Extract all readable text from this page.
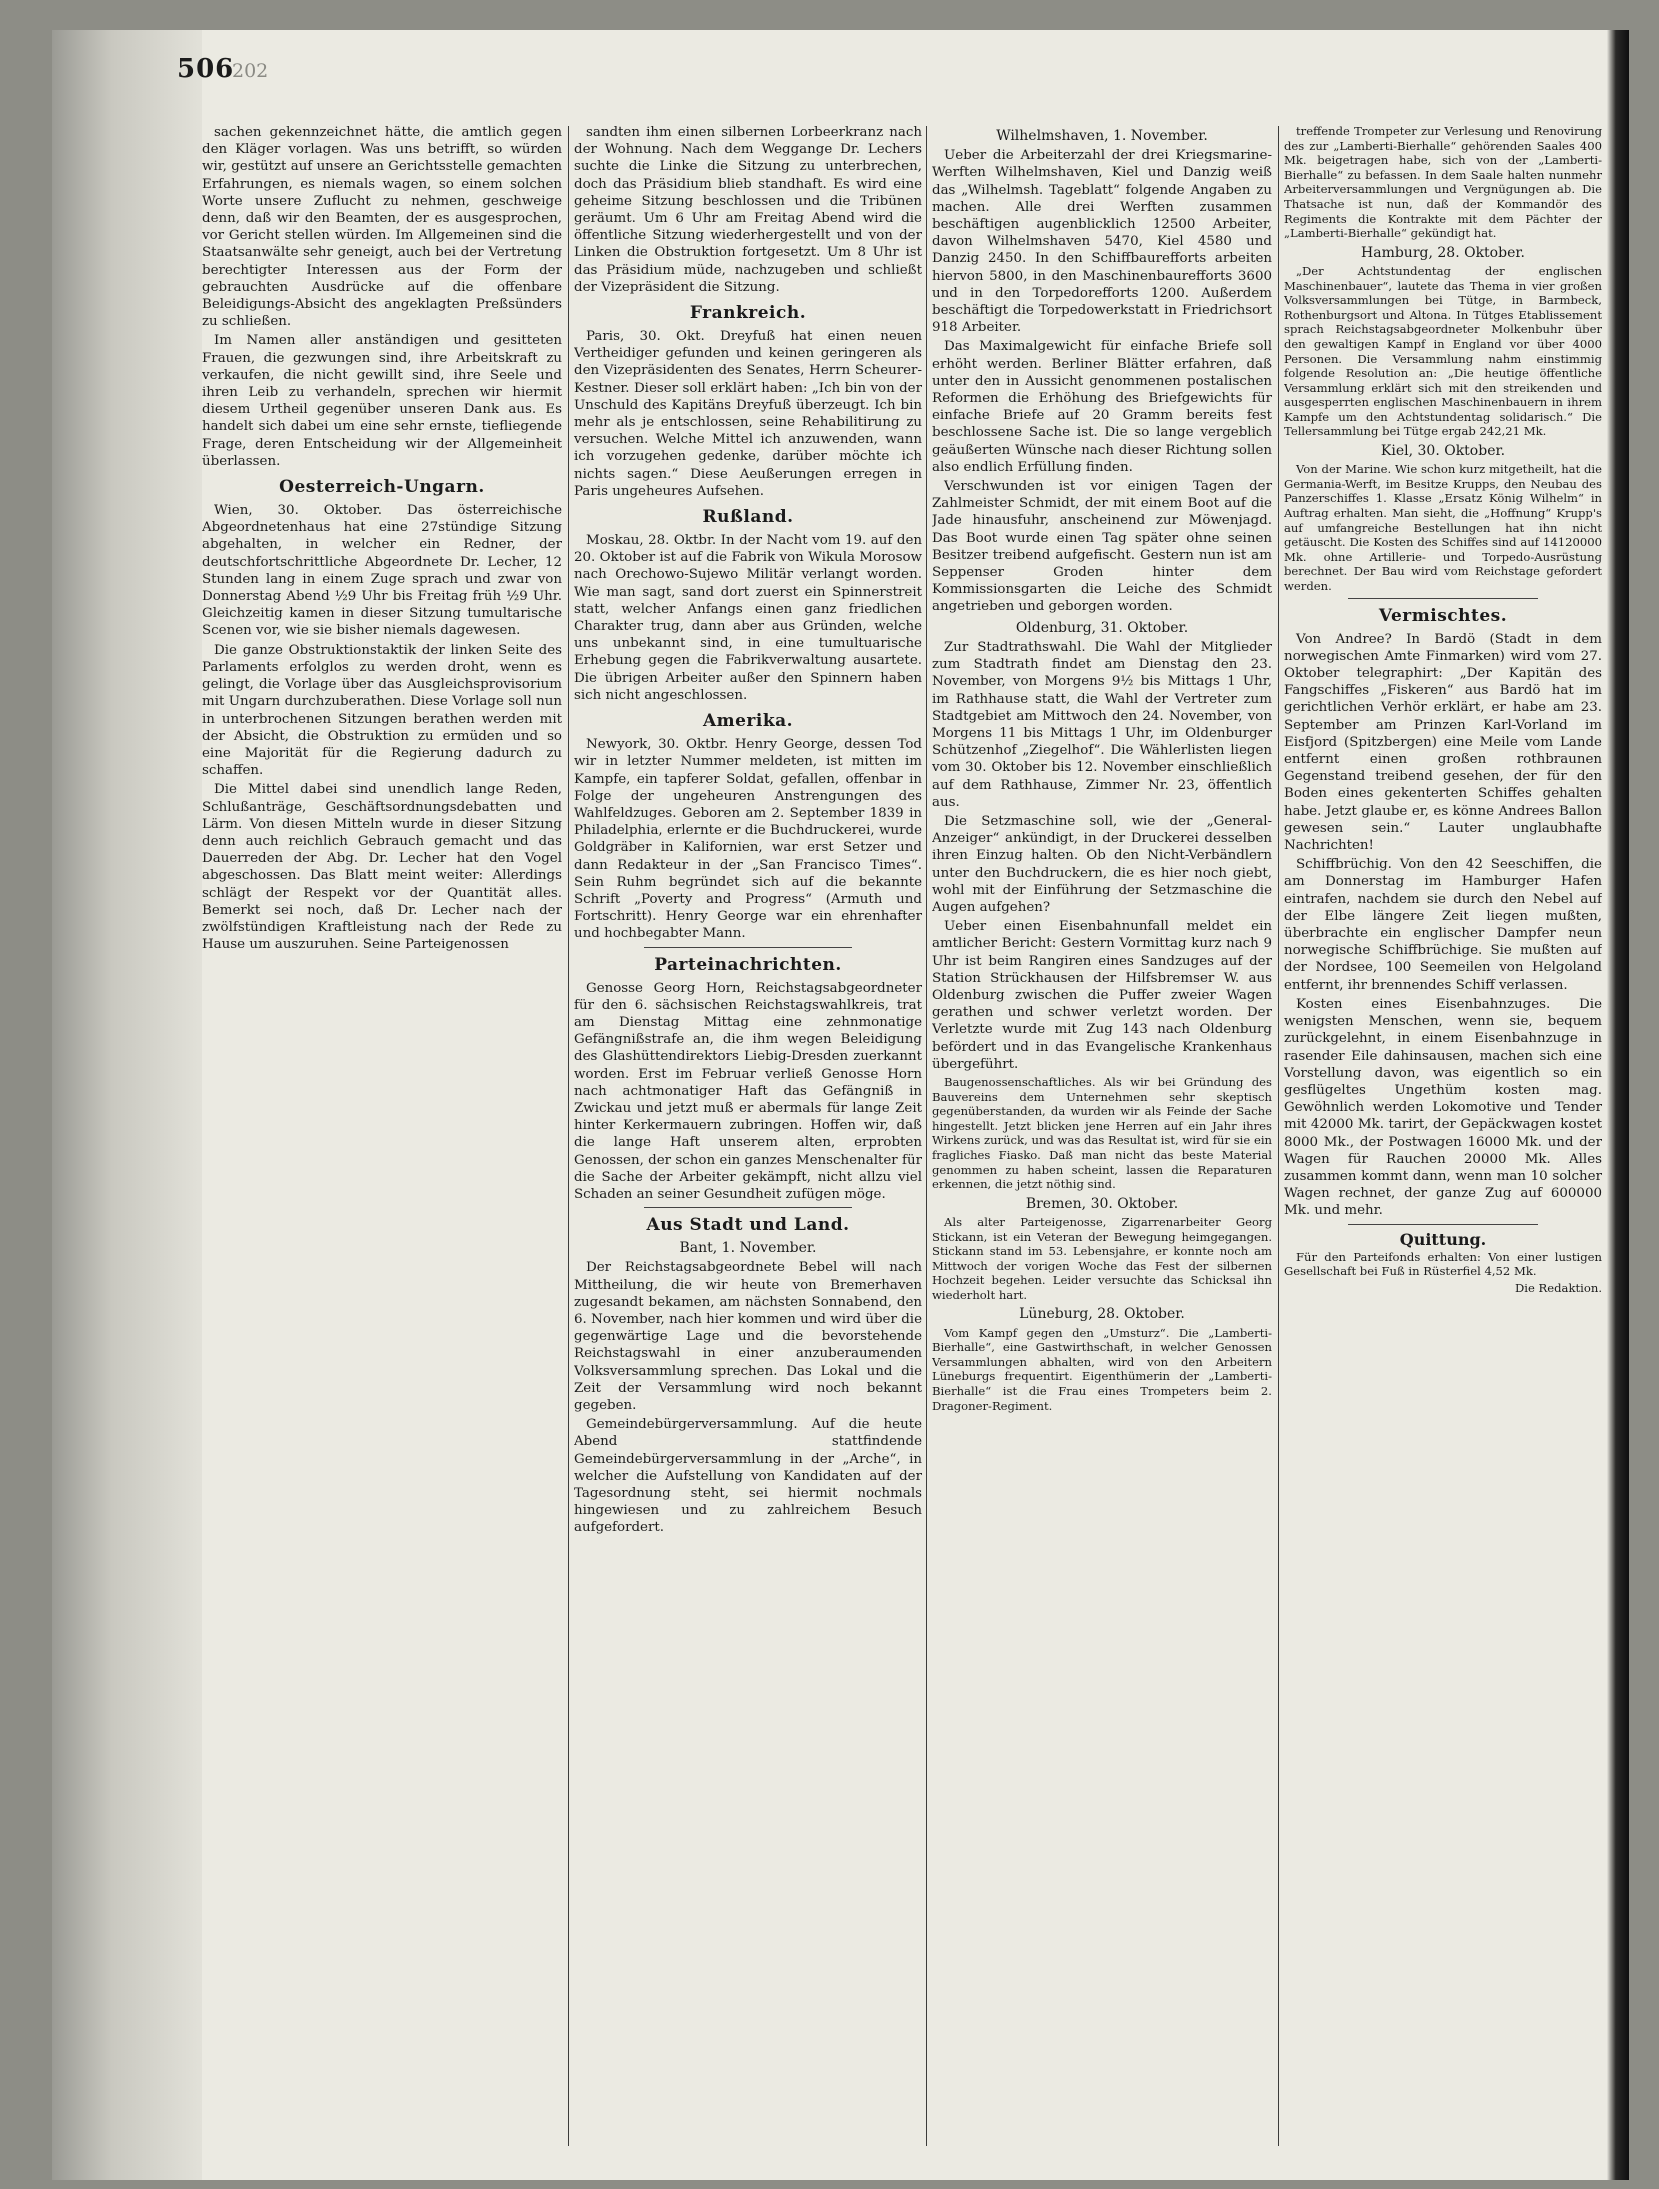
506
202

sachen gekennzeichnet hätte, die amtlich gegen den Kläger vorlagen. Was uns betrifft, so würden wir, gestützt auf unsere an Gerichtsstelle gemachten Erfahrungen, es niemals wagen, so einem solchen Worte unsere Zuflucht zu nehmen, geschweige denn, daß wir den Beamten, der es ausgesprochen, vor Gericht stellen würden. Im Allgemeinen sind die Staatsanwälte sehr geneigt, auch bei der Vertretung berechtigter Interessen aus der Form der gebrauchten Ausdrücke auf die offenbare Beleidigungs-Absicht des angeklagten Preßsünders zu schließen.

Im Namen aller anständigen und gesitteten Frauen, die gezwungen sind, ihre Arbeitskraft zu verkaufen, die nicht gewillt sind, ihre Seele und ihren Leib zu verhandeln, sprechen wir hiermit diesem Urtheil gegenüber unseren Dank aus. Es handelt sich dabei um eine sehr ernste, tiefliegende Frage, deren Entscheidung wir der Allgemeinheit überlassen.

Oesterreich-Ungarn.

Wien, 30. Oktober. Das österreichische Abgeordnetenhaus hat eine 27stündige Sitzung abgehalten, in welcher ein Redner, der deutschfortschrittliche Abgeordnete Dr. Lecher, 12 Stunden lang in einem Zuge sprach und zwar von Donnerstag Abend ½9 Uhr bis Freitag früh ½9 Uhr. Gleichzeitig kamen in dieser Sitzung tumultarische Scenen vor, wie sie bisher niemals dagewesen.

Die ganze Obstruktionstaktik der linken Seite des Parlaments erfolglos zu werden droht, wenn es gelingt, die Vorlage über das Ausgleichsprovisorium mit Ungarn durchzuberathen. Diese Vorlage soll nun in unterbrochenen Sitzungen berathen werden mit der Absicht, die Obstruktion zu ermüden und so eine Majorität für die Regierung dadurch zu schaffen.

Die Mittel dabei sind unendlich lange Reden, Schlußanträge, Geschäftsordnungsdebatten und Lärm. Von diesen Mitteln wurde in dieser Sitzung denn auch reichlich Gebrauch gemacht und das Dauerreden der Abg. Dr. Lecher hat den Vogel abgeschossen. Das Blatt meint weiter: Allerdings schlägt der Respekt vor der Quantität alles. Bemerkt sei noch, daß Dr. Lecher nach der zwölfstündigen Kraftleistung nach der Rede zu Hause um auszuruhen. Seine Parteigenossen

sandten ihm einen silbernen Lorbeerkranz nach der Wohnung. Nach dem Weggange Dr. Lechers suchte die Linke die Sitzung zu unterbrechen, doch das Präsidium blieb standhaft. Es wird eine geheime Sitzung beschlossen und die Tribünen geräumt. Um 6 Uhr am Freitag Abend wird die öffentliche Sitzung wiederhergestellt und von der Linken die Obstruktion fortgesetzt. Um 8 Uhr ist das Präsidium müde, nachzugeben und schließt der Vizepräsident die Sitzung.

Frankreich.

Paris, 30. Okt. Dreyfuß hat einen neuen Vertheidiger gefunden und keinen geringeren als den Vizepräsidenten des Senates, Herrn Scheurer-Kestner. Dieser soll erklärt haben: „Ich bin von der Unschuld des Kapitäns Dreyfuß überzeugt. Ich bin mehr als je entschlossen, seine Rehabilitirung zu versuchen. Welche Mittel ich anzuwenden, wann ich vorzugehen gedenke, darüber möchte ich nichts sagen.“ Diese Aeußerungen erregen in Paris ungeheures Aufsehen.

Rußland.

Moskau, 28. Oktbr. In der Nacht vom 19. auf den 20. Oktober ist auf die Fabrik von Wikula Morosow nach Orechowo-Sujewo Militär verlangt worden. Wie man sagt, sand dort zuerst ein Spinnerstreit statt, welcher Anfangs einen ganz friedlichen Charakter trug, dann aber aus Gründen, welche uns unbekannt sind, in eine tumultuarische Erhebung gegen die Fabrikverwaltung ausartete. Die übrigen Arbeiter außer den Spinnern haben sich nicht angeschlossen.

Amerika.

Newyork, 30. Oktbr. Henry George, dessen Tod wir in letzter Nummer meldeten, ist mitten im Kampfe, ein tapferer Soldat, gefallen, offenbar in Folge der ungeheuren Anstrengungen des Wahlfeldzuges. Geboren am 2. September 1839 in Philadelphia, erlernte er die Buchdruckerei, wurde Goldgräber in Kalifornien, war erst Setzer und dann Redakteur in der „San Francisco Times“. Sein Ruhm begründet sich auf die bekannte Schrift „Poverty and Progress“ (Armuth und Fortschritt). Henry George war ein ehrenhafter und hochbegabter Mann.

Parteinachrichten.

Genosse Georg Horn, Reichstagsabgeordneter für den 6. sächsischen Reichstagswahlkreis, trat am Dienstag Mittag eine zehnmonatige Gefängnißstrafe an, die ihm wegen Beleidigung des Glashüttendirektors Liebig-Dresden zuerkannt worden. Erst im Februar verließ Genosse Horn nach achtmonatiger Haft das Gefängniß in Zwickau und jetzt muß er abermals für lange Zeit hinter Kerkermauern zubringen. Hoffen wir, daß die lange Haft unserem alten, erprobten Genossen, der schon ein ganzes Menschenalter für die Sache der Arbeiter gekämpft, nicht allzu viel Schaden an seiner Gesundheit zufügen möge.

Aus Stadt und Land.
Bant, 1. November.

Der Reichstagsabgeordnete Bebel will nach Mittheilung, die wir heute von Bremerhaven zugesandt bekamen, am nächsten Sonnabend, den 6. November, nach hier kommen und wird über die gegenwärtige Lage und die bevorstehende Reichstagswahl in einer anzuberaumenden Volksversammlung sprechen. Das Lokal und die Zeit der Versammlung wird noch bekannt gegeben.

Gemeindebürgerversammlung. Auf die heute Abend stattfindende Gemeindebürgerversammlung in der „Arche“, in welcher die Aufstellung von Kandidaten auf der Tagesordnung steht, sei hiermit nochmals hingewiesen und zu zahlreichem Besuch aufgefordert.

Wilhelmshaven, 1. November.

Ueber die Arbeiterzahl der drei Kriegsmarine-Werften Wilhelmshaven, Kiel und Danzig weiß das „Wilhelmsh. Tageblatt“ folgende Angaben zu machen. Alle drei Werften zusammen beschäftigen augenblicklich 12500 Arbeiter, davon Wilhelmshaven 5470, Kiel 4580 und Danzig 2450. In den Schiffbaurefforts arbeiten hiervon 5800, in den Maschinenbaurefforts 3600 und in den Torpedorefforts 1200. Außerdem beschäftigt die Torpedowerkstatt in Friedrichsort 918 Arbeiter.

Das Maximalgewicht für einfache Briefe soll erhöht werden. Berliner Blätter erfahren, daß unter den in Aussicht genommenen postalischen Reformen die Erhöhung des Briefgewichts für einfache Briefe auf 20 Gramm bereits fest beschlossene Sache ist. Die so lange vergeblich geäußerten Wünsche nach dieser Richtung sollen also endlich Erfüllung finden.

Verschwunden ist vor einigen Tagen der Zahlmeister Schmidt, der mit einem Boot auf die Jade hinausfuhr, anscheinend zur Möwenjagd. Das Boot wurde einen Tag später ohne seinen Besitzer treibend aufgefischt. Gestern nun ist am Seppenser Groden hinter dem Kommissionsgarten die Leiche des Schmidt angetrieben und geborgen worden.

Oldenburg, 31. Oktober.

Zur Stadtrathswahl. Die Wahl der Mitglieder zum Stadtrath findet am Dienstag den 23. November, von Morgens 9½ bis Mittags 1 Uhr, im Rathhause statt, die Wahl der Vertreter zum Stadtgebiet am Mittwoch den 24. November, von Morgens 11 bis Mittags 1 Uhr, im Oldenburger Schützenhof „Ziegelhof“. Die Wählerlisten liegen vom 30. Oktober bis 12. November einschließlich auf dem Rathhause, Zimmer Nr. 23, öffentlich aus.

Die Setzmaschine soll, wie der „General-Anzeiger“ ankündigt, in der Druckerei desselben ihren Einzug halten. Ob den Nicht-Verbändlern unter den Buchdruckern, die es hier noch giebt, wohl mit der Einführung der Setzmaschine die Augen aufgehen?

Ueber einen Eisenbahnunfall meldet ein amtlicher Bericht: Gestern Vormittag kurz nach 9 Uhr ist beim Rangiren eines Sandzuges auf der Station Strückhausen der Hilfsbremser W. aus Oldenburg zwischen die Puffer zweier Wagen gerathen und schwer verletzt worden. Der Verletzte wurde mit Zug 143 nach Oldenburg befördert und in das Evangelische Krankenhaus übergeführt.

Baugenossenschaftliches. Als wir bei Gründung des Bauvereins dem Unternehmen sehr skeptisch gegenüberstanden, da wurden wir als Feinde der Sache hingestellt. Jetzt blicken jene Herren auf ein Jahr ihres Wirkens zurück, und was das Resultat ist, wird für sie ein fragliches Fiasko. Daß man nicht das beste Material genommen zu haben scheint, lassen die Reparaturen erkennen, die jetzt nöthig sind.

Bremen, 30. Oktober.

Als alter Parteigenosse, Zigarrenarbeiter Georg Stickann, ist ein Veteran der Bewegung heimgegangen. Stickann stand im 53. Lebensjahre, er konnte noch am Mittwoch der vorigen Woche das Fest der silbernen Hochzeit begehen. Leider versuchte das Schicksal ihn wiederholt hart.

Lüneburg, 28. Oktober.

Vom Kampf gegen den „Umsturz“. Die „Lamberti-Bierhalle“, eine Gastwirthschaft, in welcher Genossen Versammlungen abhalten, wird von den Arbeitern Lüneburgs frequentirt. Eigenthümerin der „Lamberti-Bierhalle“ ist die Frau eines Trompeters beim 2. Dragoner-Regiment.

treffende Trompeter zur Verlesung und Renovirung des zur „Lamberti-Bierhalle“ gehörenden Saales 400 Mk. beigetragen habe, sich von der „Lamberti-Bierhalle“ zu befassen. In dem Saale halten nunmehr Arbeiterversammlungen und Vergnügungen ab. Die Thatsache ist nun, daß der Kommandör des Regiments die Kontrakte mit dem Pächter der „Lamberti-Bierhalle“ gekündigt hat.

Hamburg, 28. Oktober.

„Der Achtstundentag der englischen Maschinenbauer“, lautete das Thema in vier großen Volksversammlungen bei Tütge, in Barmbeck, Rothenburgsort und Altona. In Tütges Etablissement sprach Reichstagsabgeordneter Molkenbuhr über den gewaltigen Kampf in England vor über 4000 Personen. Die Versammlung nahm einstimmig folgende Resolution an: „Die heutige öffentliche Versammlung erklärt sich mit den streikenden und ausgesperrten englischen Maschinenbauern in ihrem Kampfe um den Achtstundentag solidarisch.“ Die Tellersammlung bei Tütge ergab 242,21 Mk.

Kiel, 30. Oktober.

Von der Marine. Wie schon kurz mitgetheilt, hat die Germania-Werft, im Besitze Krupps, den Neubau des Panzerschiffes 1. Klasse „Ersatz König Wilhelm“ in Auftrag erhalten. Man sieht, die „Hoffnung“ Krupp's auf umfangreiche Bestellungen hat ihn nicht getäuscht. Die Kosten des Schiffes sind auf 14120000 Mk. ohne Artillerie- und Torpedo-Ausrüstung berechnet. Der Bau wird vom Reichstage gefordert werden.

Vermischtes.

Von Andree? In Bardö (Stadt in dem norwegischen Amte Finmarken) wird vom 27. Oktober telegraphirt: „Der Kapitän des Fangschiffes „Fiskeren“ aus Bardö hat im gerichtlichen Verhör erklärt, er habe am 23. September am Prinzen Karl-Vorland im Eisfjord (Spitzbergen) eine Meile vom Lande entfernt einen großen rothbraunen Gegenstand treibend gesehen, der für den Boden eines gekenterten Schiffes gehalten habe. Jetzt glaube er, es könne Andrees Ballon gewesen sein.“ Lauter unglaubhafte Nachrichten!

Schiffbrüchig. Von den 42 Seeschiffen, die am Donnerstag im Hamburger Hafen eintrafen, nachdem sie durch den Nebel auf der Elbe längere Zeit liegen mußten, überbrachte ein englischer Dampfer neun norwegische Schiffbrüchige. Sie mußten auf der Nordsee, 100 Seemeilen von Helgoland entfernt, ihr brennendes Schiff verlassen.

Kosten eines Eisenbahnzuges. Die wenigsten Menschen, wenn sie, bequem zurückgelehnt, in einem Eisenbahnzuge in rasender Eile dahinsausen, machen sich eine Vorstellung davon, was eigentlich so ein gesflügeltes Ungethüm kosten mag. Gewöhnlich werden Lokomotive und Tender mit 42000 Mk. tarirt, der Gepäckwagen kostet 8000 Mk., der Postwagen 16000 Mk. und der Wagen für Rauchen 20000 Mk. Alles zusammen kommt dann, wenn man 10 solcher Wagen rechnet, der ganze Zug auf 600000 Mk. und mehr.

Quittung.

Für den Parteifonds erhalten: Von einer lustigen Gesellschaft bei Fuß in Rüsterfiel 4,52 Mk.

Die Redaktion.
